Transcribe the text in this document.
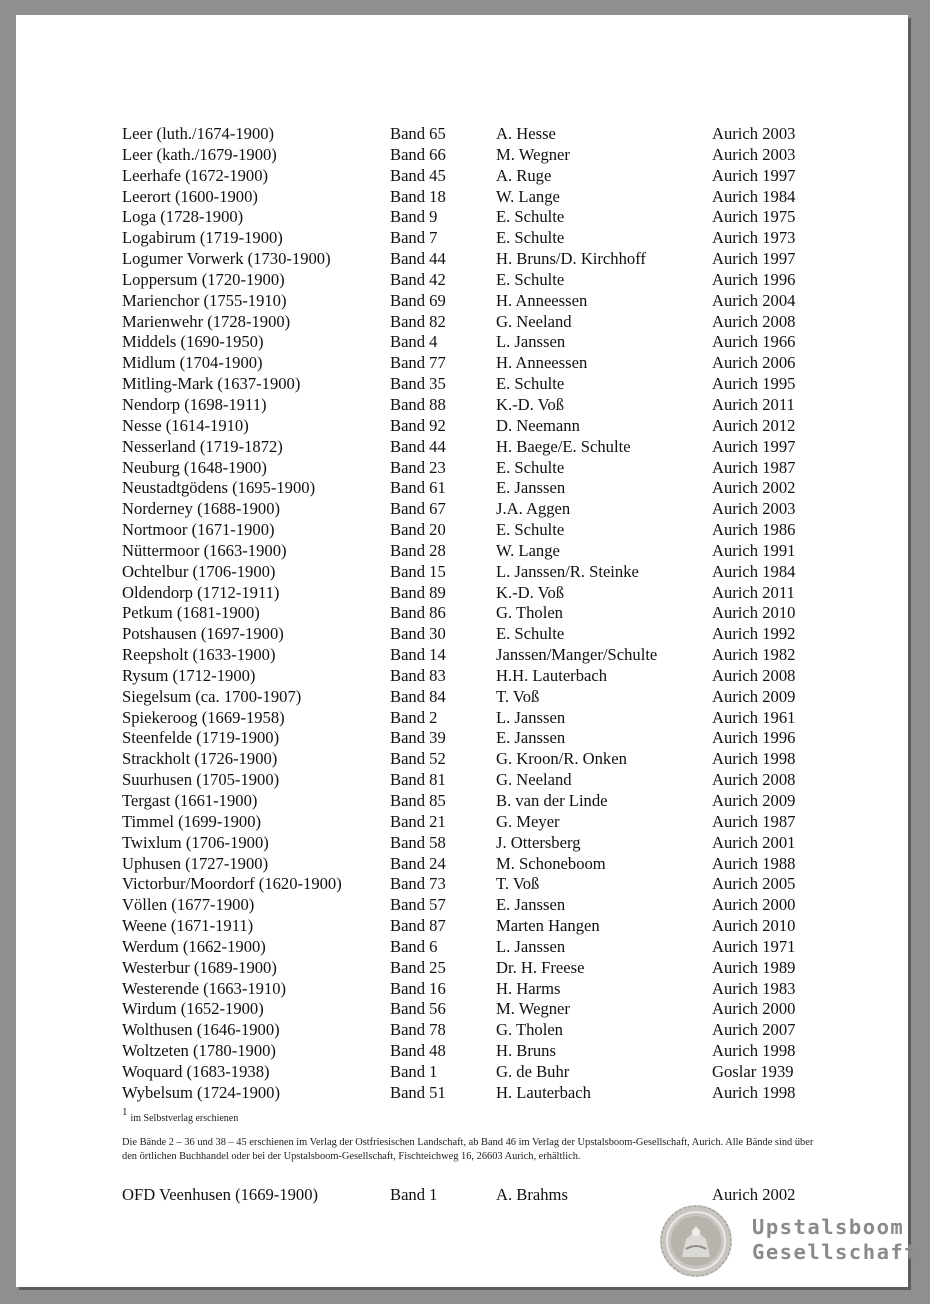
Leer (luth./1674-1900)	Band 65	A. Hesse	Aurich 2003
Leer (kath./1679-1900)	Band 66	M. Wegner	Aurich 2003
Leerhafe (1672-1900)	Band 45	A. Ruge	Aurich 1997
Leerort (1600-1900)	Band 18	W. Lange	Aurich 1984
Loga (1728-1900)	Band 9	E. Schulte	Aurich 1975
Logabirum (1719-1900)	Band 7	E. Schulte	Aurich 1973
Logumer Vorwerk (1730-1900)	Band 44	H. Bruns/D. Kirchhoff	Aurich 1997
Loppersum (1720-1900)	Band 42	E. Schulte	Aurich 1996
Marienchor (1755-1910)	Band 69	H. Anneessen	Aurich 2004
Marienwehr (1728-1900)	Band 82	G. Neeland	Aurich 2008
Middels (1690-1950)	Band 4	L. Janssen	Aurich 1966
Midlum (1704-1900)	Band 77	H. Anneessen	Aurich 2006
Mitling-Mark (1637-1900)	Band 35	E. Schulte	Aurich 1995
Nendorp (1698-1911)	Band 88	K.-D. Voß	Aurich 2011
Nesse (1614-1910)	Band 92	D. Neemann	Aurich 2012
Nesserland (1719-1872)	Band 44	H. Baege/E. Schulte	Aurich 1997
Neuburg (1648-1900)	Band 23	E. Schulte	Aurich 1987
Neustadtgödens (1695-1900)	Band 61	E. Janssen	Aurich 2002
Norderney (1688-1900)	Band 67	J.A. Aggen	Aurich 2003
Nortmoor (1671-1900)	Band 20	E. Schulte	Aurich 1986
Nüttermoor (1663-1900)	Band 28	W. Lange	Aurich 1991
Ochtelbur (1706-1900)	Band 15	L. Janssen/R. Steinke	Aurich 1984
Oldendorp (1712-1911)	Band 89	K.-D. Voß	Aurich 2011
Petkum (1681-1900)	Band 86	G. Tholen	Aurich 2010
Potshausen (1697-1900)	Band 30	E. Schulte	Aurich 1992
Reepsholt (1633-1900)	Band 14	Janssen/Manger/Schulte	Aurich 1982
Rysum (1712-1900)	Band 83	H.H. Lauterbach	Aurich 2008
Siegelsum (ca. 1700-1907)	Band 84	T. Voß	Aurich 2009
Spiekeroog (1669-1958)	Band 2	L. Janssen	Aurich 1961
Steenfelde (1719-1900)	Band 39	E. Janssen	Aurich 1996
Strackholt (1726-1900)	Band 52	G. Kroon/R. Onken	Aurich 1998
Suurhusen (1705-1900)	Band 81	G. Neeland	Aurich 2008
Tergast (1661-1900)	Band 85	B. van der Linde	Aurich 2009
Timmel (1699-1900)	Band 21	G. Meyer	Aurich 1987
Twixlum (1706-1900)	Band 58	J. Ottersberg	Aurich 2001
Uphusen (1727-1900)	Band 24	M. Schoneboom	Aurich 1988
Victorbur/Moordorf (1620-1900)	Band 73	T. Voß	Aurich 2005
Völlen (1677-1900)	Band 57	E. Janssen	Aurich 2000
Weene (1671-1911)	Band 87	Marten Hangen	Aurich 2010
Werdum (1662-1900)	Band 6	L. Janssen	Aurich 1971
Westerbur (1689-1900)	Band 25	Dr. H. Freese	Aurich 1989
Westerende (1663-1910)	Band 16	H. Harms	Aurich 1983
Wirdum (1652-1900)	Band 56	M. Wegner	Aurich 2000
Wolthusen (1646-1900)	Band 78	G. Tholen	Aurich 2007
Woltzeten (1780-1900)	Band 48	H. Bruns	Aurich 1998
Woquard (1683-1938)	Band 1	G. de Buhr	Goslar 1939
Wybelsum (1724-1900)	Band 51	H. Lauterbach	Aurich 1998
$^1$im Selbstverlag erschienen
Die Bände 2 – 36 und 38 – 45 erschienen im Verlag der Ostfriesischen Landschaft, ab Band 46 im Verlag der Upstalsboom-Gesellschaft, Aurich. Alle Bände sind über den örtlichen Buchhandel oder bei der Upstalsboom-Gesellschaft, Fischteichweg 16, 26603 Aurich, erhältlich.
OFD Veenhusen (1669-1900)	Band 1	A. Brahms	Aurich 2002
Upstalsboom
Gesellschaft
